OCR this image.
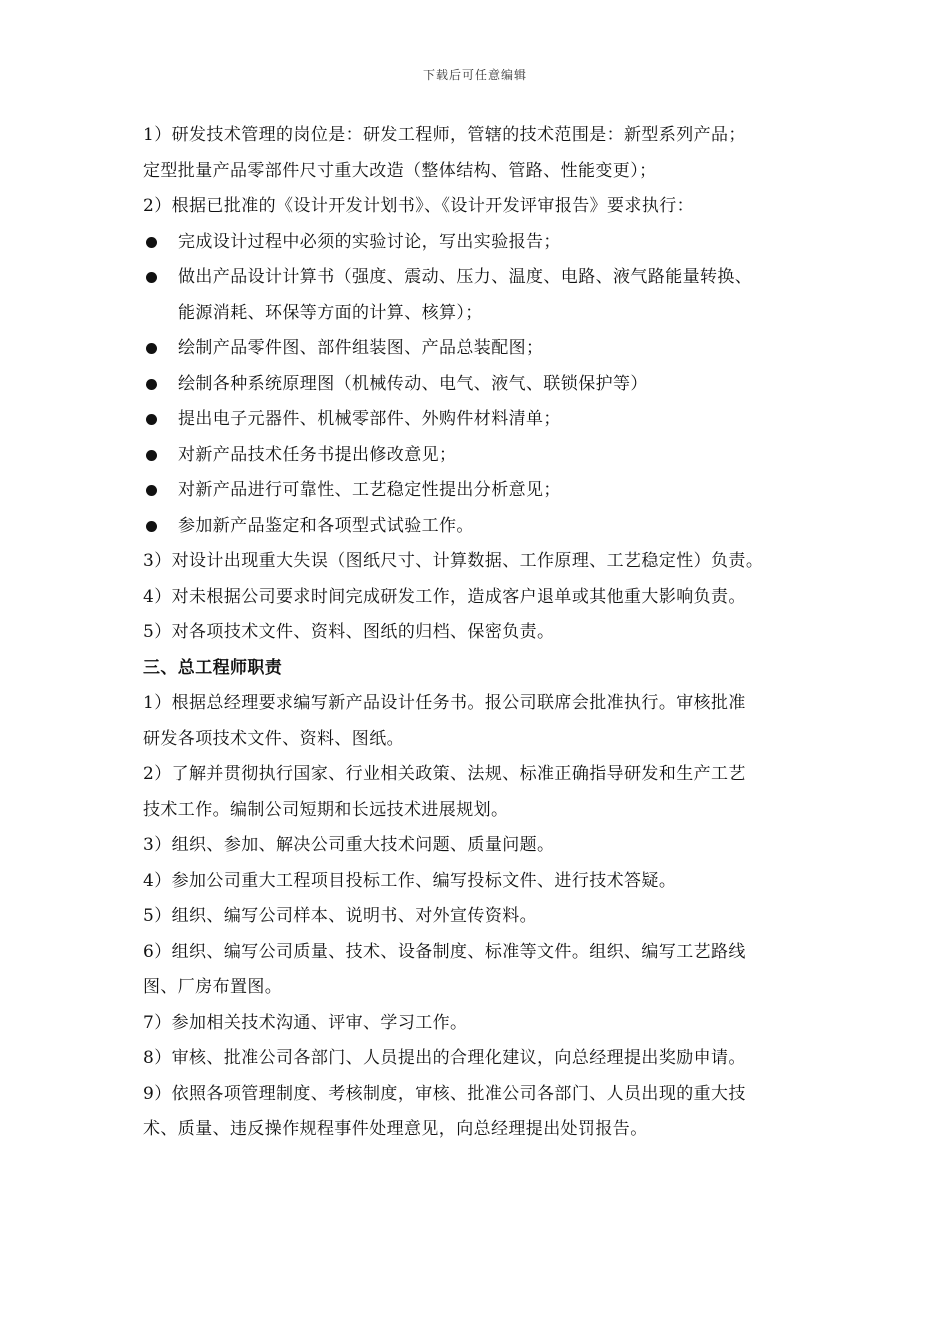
下载后可任意编辑
1）研发技术管理的岗位是：研发工程师，管辖的技术范围是：新型系列产品；
定型批量产品零部件尺寸重大改造（整体结构、管路、性能变更）；
2）根据已批准的《设计开发计划书》、《设计开发评审报告》要求执行：
完成设计过程中必须的实验讨论，写出实验报告；
做出产品设计计算书（强度、震动、压力、温度、电路、液气路能量转换、
能源消耗、环保等方面的计算、核算）；
绘制产品零件图、部件组装图、产品总装配图；
绘制各种系统原理图（机械传动、电气、液气、联锁保护等）
提出电子元器件、机械零部件、外购件材料清单；
对新产品技术任务书提出修改意见；
对新产品进行可靠性、工艺稳定性提出分析意见；
参加新产品鉴定和各项型式试验工作。
3）对设计出现重大失误（图纸尺寸、计算数据、工作原理、工艺稳定性）负责。
4）对未根据公司要求时间完成研发工作，造成客户退单或其他重大影响负责。
5）对各项技术文件、资料、图纸的归档、保密负责。
三、总工程师职责
1）根据总经理要求编写新产品设计任务书。报公司联席会批准执行。审核批准
研发各项技术文件、资料、图纸。
2）了解并贯彻执行国家、行业相关政策、法规、标准正确指导研发和生产工艺
技术工作。编制公司短期和长远技术进展规划。
3）组织、参加、解决公司重大技术问题、质量问题。
4）参加公司重大工程项目投标工作、编写投标文件、进行技术答疑。
5）组织、编写公司样本、说明书、对外宣传资料。
6）组织、编写公司质量、技术、设备制度、标准等文件。组织、编写工艺路线
图、厂房布置图。
7）参加相关技术沟通、评审、学习工作。
8）审核、批准公司各部门、人员提出的合理化建议，向总经理提出奖励申请。
9）依照各项管理制度、考核制度，审核、批准公司各部门、人员出现的重大技
术、质量、违反操作规程事件处理意见，向总经理提出处罚报告。
